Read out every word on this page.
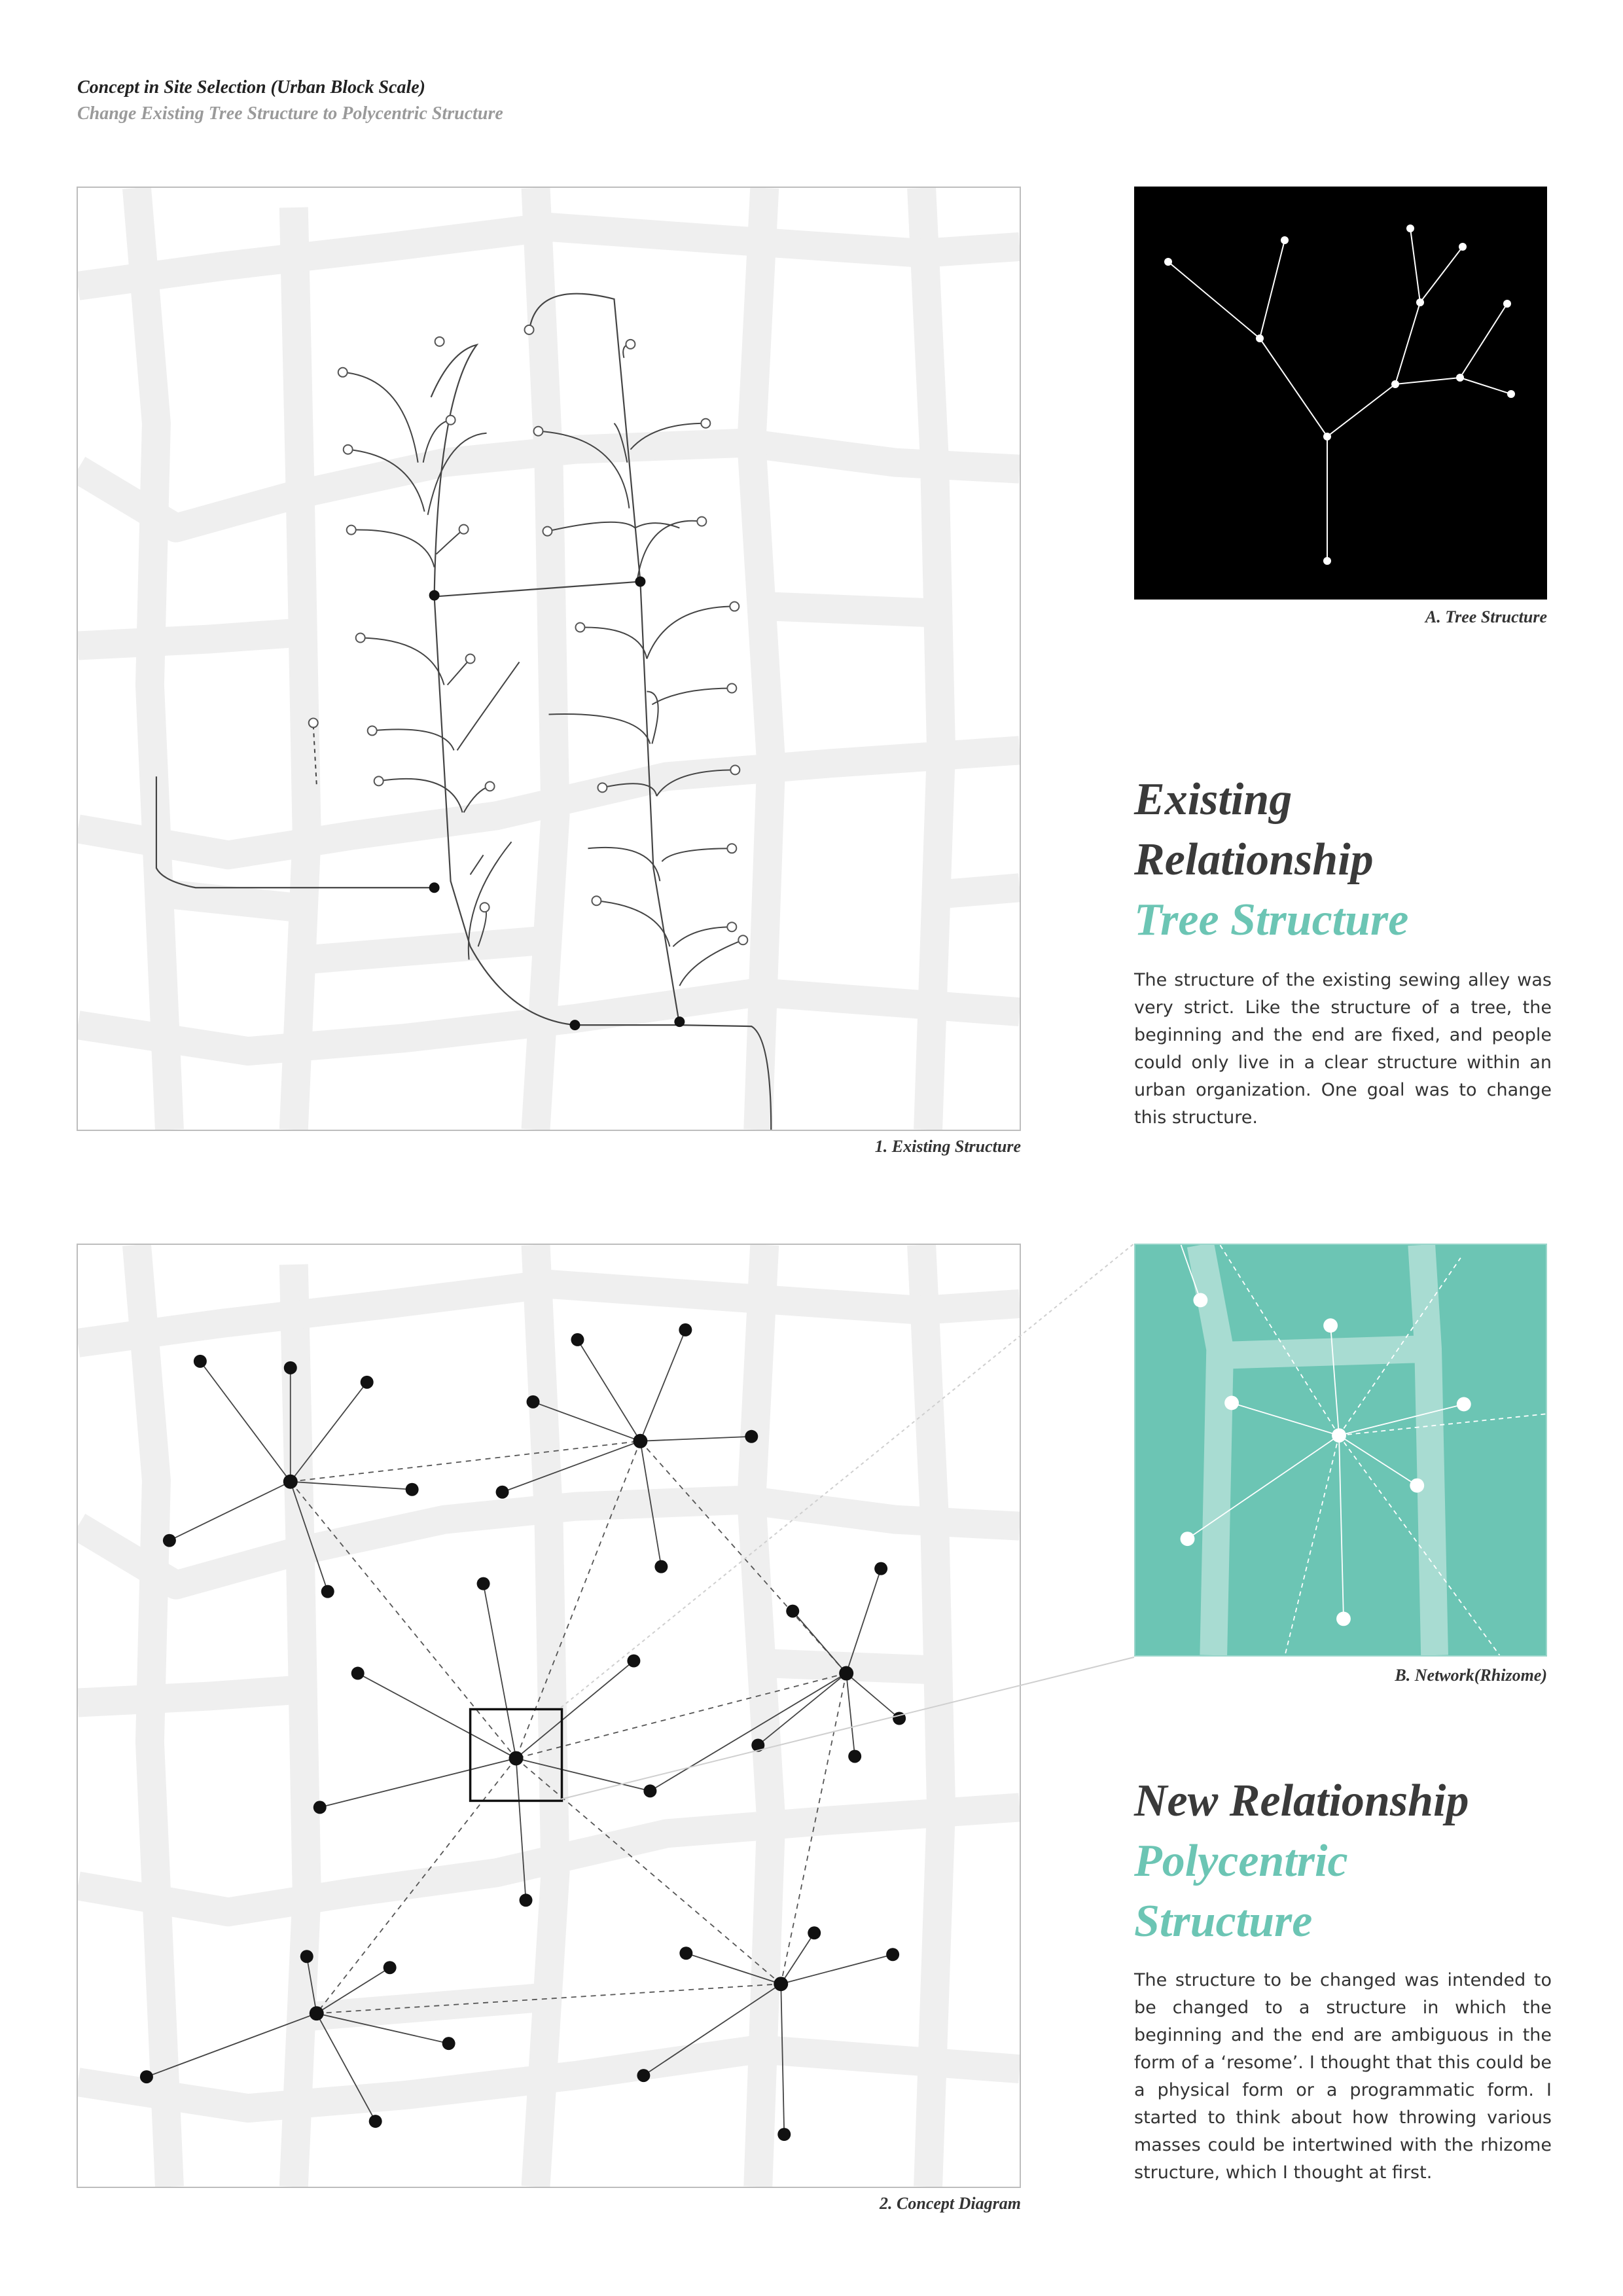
Concept in Site Selection (Urban Block Scale)
Change Existing Tree Structure to Polycentric Structure
1. Existing Structure
A. Tree Structure
Existing
Relationship
Tree Structure
The structure of the existing sewing alley was very strict. Like the structure of a tree, the beginning and the end are fixed, and people could only live in a clear structure within an urban organization. One goal was to change this structure.
2. Concept Diagram
B. Network(Rhizome)
New Relationship
Polycentric
Structure
The structure to be changed was intended to be changed to a structure in which the beginning and the end are ambiguous in the form of a ‘resome’. I thought that this could be a physical form or a programmatic form. I started to think about how throwing various masses could be intertwined with the rhizome structure, which I thought at first.
